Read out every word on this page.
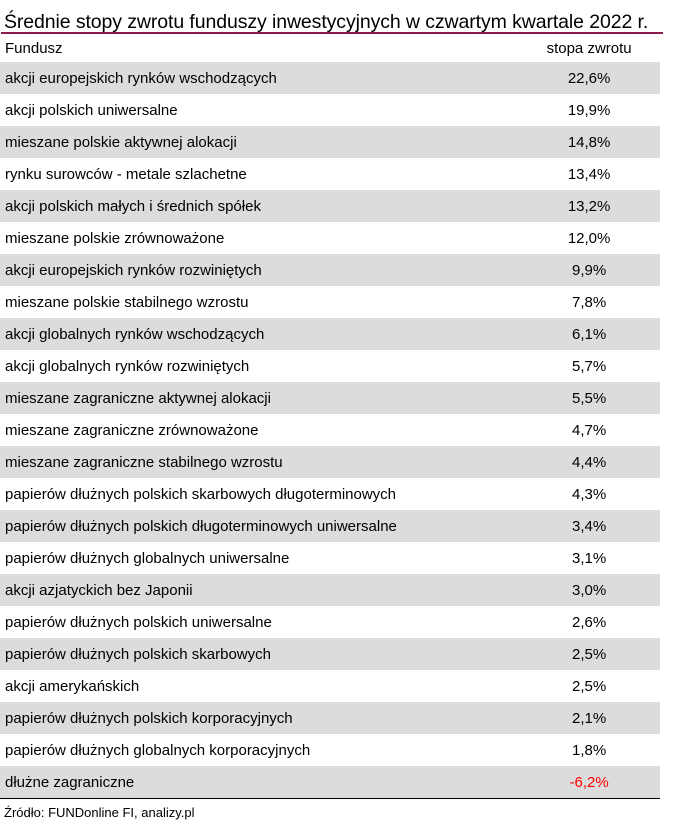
Średnie stopy zwrotu funduszy inwestycyjnych w czwartym kwartale 2022 r.
Fundusz	stopa zwrotu
akcji europejskich rynków wschodzących	22,6%
akcji polskich uniwersalne	19,9%
mieszane polskie aktywnej alokacji	14,8%
rynku surowców - metale szlachetne	13,4%
akcji polskich małych i średnich spółek	13,2%
mieszane polskie zrównoważone	12,0%
akcji europejskich rynków rozwiniętych	9,9%
mieszane polskie stabilnego wzrostu	7,8%
akcji globalnych rynków wschodzących	6,1%
akcji globalnych rynków rozwiniętych	5,7%
mieszane zagraniczne aktywnej alokacji	5,5%
mieszane zagraniczne zrównoważone	4,7%
mieszane zagraniczne stabilnego wzrostu	4,4%
papierów dłużnych polskich skarbowych długoterminowych	4,3%
papierów dłużnych polskich długoterminowych uniwersalne	3,4%
papierów dłużnych globalnych uniwersalne	3,1%
akcji azjatyckich bez Japonii	3,0%
papierów dłużnych polskich uniwersalne	2,6%
papierów dłużnych polskich skarbowych	2,5%
akcji amerykańskich	2,5%
papierów dłużnych polskich korporacyjnych	2,1%
papierów dłużnych globalnych korporacyjnych	1,8%
dłużne zagraniczne	-6,2%
Źródło: FUNDonline FI, analizy.pl
